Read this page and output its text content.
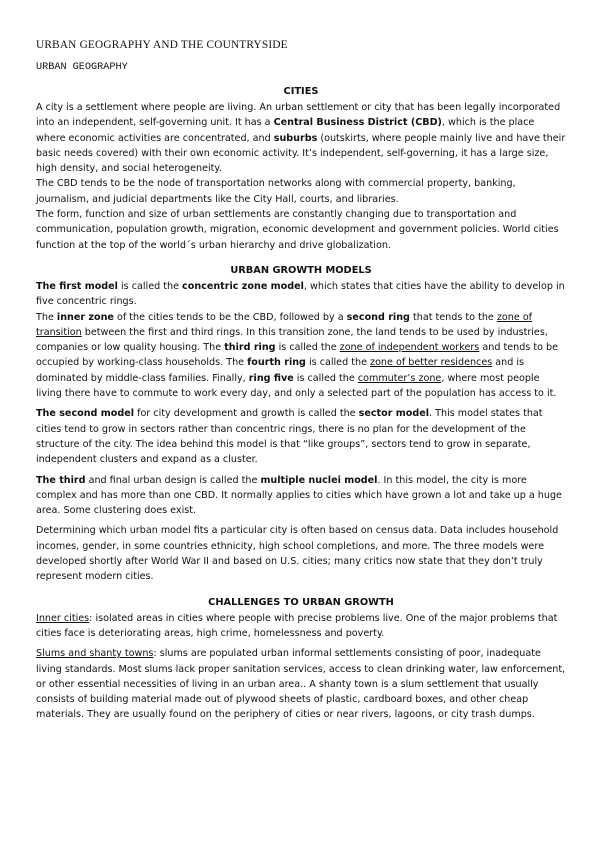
URBAN GEOGRAPHY AND THE COUNTRYSIDE
URBAN GEOGRAPHY
CITIES

A city is a settlement where people are living. An urban settlement or city that has been legally incorporated into an independent, self-governing unit. It has a Central Business District (CBD), which is the place where economic activities are concentrated, and suburbs (outskirts, where people mainly live and have their basic needs covered) with their own economic activity. It’s independent, self-governing, it has a large size, high density, and social heterogeneity.

The CBD tends to be the node of transportation networks along with commercial property, banking, journalism, and judicial departments like the City Hall, courts, and libraries.

The form, function and size of urban settlements are constantly changing due to transportation and communication, population growth, migration, economic development and government policies. World cities function at the top of the world´s urban hierarchy and drive globalization.

URBAN GROWTH MODELS

The first model is called the concentric zone model, which states that cities have the ability to develop in five concentric rings.

The inner zone of the cities tends to be the CBD, followed by a second ring that tends to the zone of transition between the first and third rings. In this transition zone, the land tends to be used by industries, companies or low quality housing. The third ring is called the zone of independent workers and tends to be occupied by working-class households. The fourth ring is called the zone of better residences and is dominated by middle-class families. Finally, ring five is called the commuter’s zone, where most people living there have to commute to work every day, and only a selected part of the population has access to it.

The second model for city development and growth is called the sector model. This model states that cities tend to grow in sectors rather than concentric rings, there is no plan for the development of the structure of the city. The idea behind this model is that “like groups”, sectors tend to grow in separate, independent clusters and expand as a cluster.

The third and final urban design is called the multiple nuclei model. In this model, the city is more complex and has more than one CBD. It normally applies to cities which have grown a lot and take up a huge area. Some clustering does exist.

Determining which urban model fits a particular city is often based on census data. Data includes household incomes, gender, in some countries ethnicity, high school completions, and more. The three models were developed shortly after World War II and based on U.S. cities; many critics now state that they don’t truly represent modern cities.

CHALLENGES TO URBAN GROWTH

Inner cities: isolated areas in cities where people with precise problems live. One of the major problems that cities face is deteriorating areas, high crime, homelessness and poverty.

Slums and shanty towns: slums are populated urban informal settlements consisting of poor, inadequate living standards. Most slums lack proper sanitation services, access to clean drinking water, law enforcement, or other essential necessities of living in an urban area.. A shanty town is a slum settlement that usually consists of building material made out of plywood sheets of plastic, cardboard boxes, and other cheap materials. They are usually found on the periphery of cities or near rivers, lagoons, or city trash dumps.
